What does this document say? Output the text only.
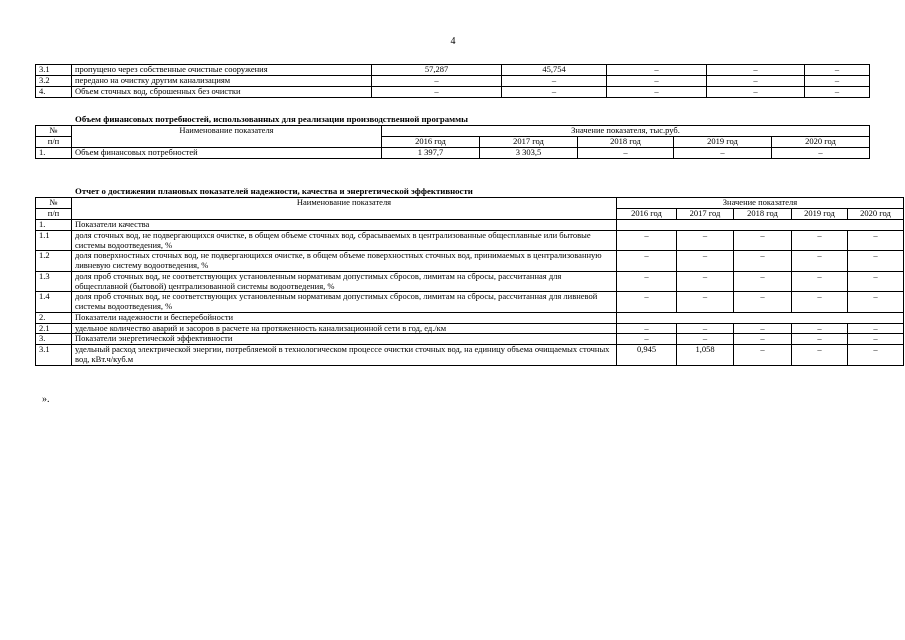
4
3.1	пропущено через собственные очистные сооружения	57,287	45,754	–	–	–
3.2	передано на очистку другим канализациям	–	–	–	–	–
4.	Объем сточных вод, сброшенных без очистки	–	–	–	–	–
Объем финансовых потребностей, использованных для реализации производственной программы
№	Наименование показателя	Значение показателя, тыс.руб.				
п/п		2016 год	2017 год	2018 год	2019 год	2020 год
1.	Объем финансовых потребностей	1 397,7	3 303,5	–	–	–
Отчет о достижении плановых показателей надежности, качества и энергетической эффективности
№	Наименование показателя	Значение показателя				
п/п		2016 год	2017 год	2018 год	2019 год	2020 год
1.	Показатели качества					
1.1	доля сточных вод, не подвергающихся очистке, в общем объеме сточных вод, сбрасываемых в централизованные общесплавные или бытовые системы водоотведения, %	–	–	–	–	–
1.2	доля поверхностных сточных вод, не подвергающихся очистке, в общем объеме поверхностных сточных вод, принимаемых в централизованную ливневую систему водоотведения, %	–	–	–	–	–
1.3	доля проб сточных вод, не соответствующих установленным нормативам допустимых сбросов, лимитам на сбросы, рассчитанная для общесплавной (бытовой) централизованной системы водоотведения, %	–	–	–	–	–
1.4	доля проб сточных вод, не соответствующих установленным нормативам допустимых сбросов, лимитам на сбросы, рассчитанная для ливневой системы водоотведения, %	–	–	–	–	–
2.	Показатели надежности и бесперебойности					
2.1	удельное количество аварий и засоров в расчете на протяженность канализационной сети в год, ед./км	–	–	–	–	–
3.	Показатели энергетической эффективности	–	–	–	–	–
3.1	удельный расход электрической энергии, потребляемой в технологическом процессе очистки сточных вод, на единицу объема очищаемых сточных вод, кВт.ч/куб.м	0,945	1,058	–	–	–
».
